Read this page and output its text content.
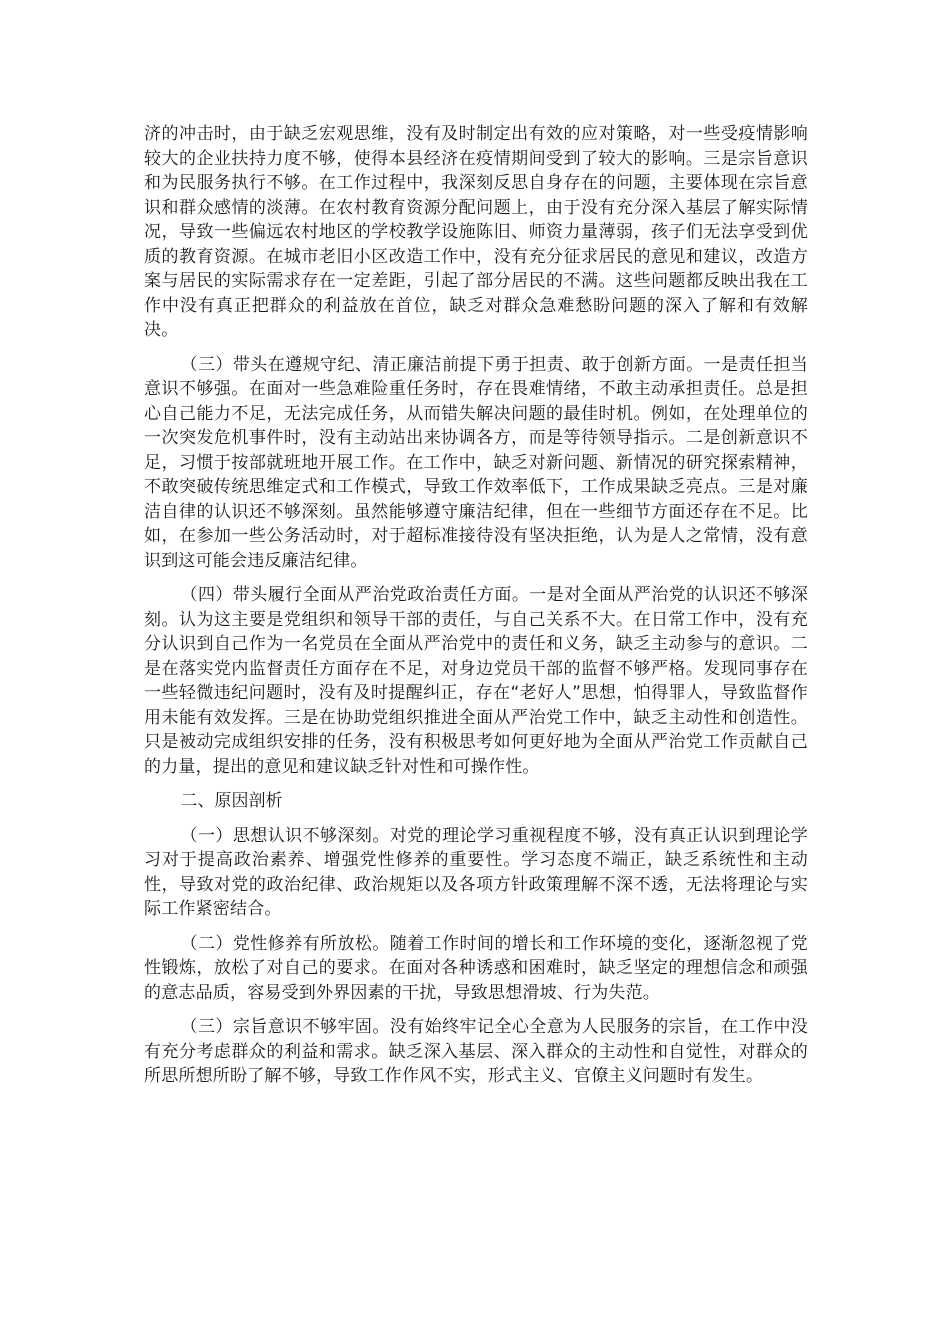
济的冲击时，由于缺乏宏观思维，没有及时制定出有效的应对策略，对一些受疫情影响较大的企业扶持力度不够，使得本县经济在疫情期间受到了较大的影响。三是宗旨意识和为民服务执行不够。在工作过程中，我深刻反思自身存在的问题，主要体现在宗旨意识和群众感情的淡薄。在农村教育资源分配问题上，由于没有充分深入基层了解实际情况，导致一些偏远农村地区的学校教学设施陈旧、师资力量薄弱，孩子们无法享受到优质的教育资源。在城市老旧小区改造工作中，没有充分征求居民的意见和建议，改造方案与居民的实际需求存在一定差距，引起了部分居民的不满。这些问题都反映出我在工作中没有真正把群众的利益放在首位，缺乏对群众急难愁盼问题的深入了解和有效解决。

（三）带头在遵规守纪、清正廉洁前提下勇于担责、敢于创新方面。一是责任担当意识不够强。在面对一些急难险重任务时，存在畏难情绪，不敢主动承担责任。总是担心自己能力不足，无法完成任务，从而错失解决问题的最佳时机。例如，在处理单位的一次突发危机事件时，没有主动站出来协调各方，而是等待领导指示。二是创新意识不足，习惯于按部就班地开展工作。在工作中，缺乏对新问题、新情况的研究探索精神，不敢突破传统思维定式和工作模式，导致工作效率低下，工作成果缺乏亮点。三是对廉洁自律的认识还不够深刻。虽然能够遵守廉洁纪律，但在一些细节方面还存在不足。比如，在参加一些公务活动时，对于超标准接待没有坚决拒绝，认为是人之常情，没有意识到这可能会违反廉洁纪律。

（四）带头履行全面从严治党政治责任方面。一是对全面从严治党的认识还不够深刻。认为这主要是党组织和领导干部的责任，与自己关系不大。在日常工作中，没有充分认识到自己作为一名党员在全面从严治党中的责任和义务，缺乏主动参与的意识。二是在落实党内监督责任方面存在不足，对身边党员干部的监督不够严格。发现同事存在一些轻微违纪问题时，没有及时提醒纠正，存在“老好人”思想，怕得罪人，导致监督作用未能有效发挥。三是在协助党组织推进全面从严治党工作中，缺乏主动性和创造性。只是被动完成组织安排的任务，没有积极思考如何更好地为全面从严治党工作贡献自己的力量，提出的意见和建议缺乏针对性和可操作性。

二、原因剖析

（一）思想认识不够深刻。对党的理论学习重视程度不够，没有真正认识到理论学习对于提高政治素养、增强党性修养的重要性。学习态度不端正，缺乏系统性和主动性，导致对党的政治纪律、政治规矩以及各项方针政策理解不深不透，无法将理论与实际工作紧密结合。

（二）党性修养有所放松。随着工作时间的增长和工作环境的变化，逐渐忽视了党性锻炼，放松了对自己的要求。在面对各种诱惑和困难时，缺乏坚定的理想信念和顽强的意志品质，容易受到外界因素的干扰，导致思想滑坡、行为失范。

（三）宗旨意识不够牢固。没有始终牢记全心全意为人民服务的宗旨，在工作中没有充分考虑群众的利益和需求。缺乏深入基层、深入群众的主动性和自觉性，对群众的所思所想所盼了解不够，导致工作作风不实，形式主义、官僚主义问题时有发生。
